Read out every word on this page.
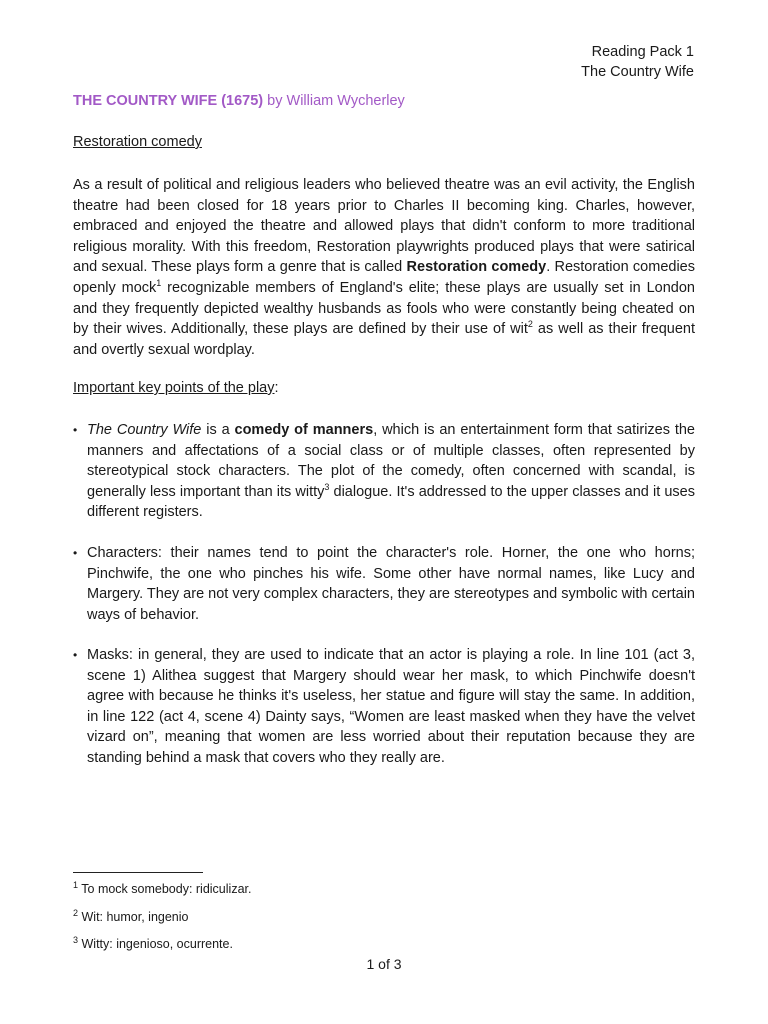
Reading Pack 1
The Country Wife
THE COUNTRY WIFE (1675) by William Wycherley
Restoration comedy
As a result of political and religious leaders who believed theatre was an evil activity, the English theatre had been closed for 18 years prior to Charles II becoming king. Charles, however, embraced and enjoyed the theatre and allowed plays that didn't conform to more traditional religious morality. With this freedom, Restoration playwrights produced plays that were satirical and sexual. These plays form a genre that is called Restoration comedy. Restoration comedies openly mock$^1$ recognizable members of England's elite; these plays are usually set in London and they frequently depicted wealthy husbands as fools who were constantly being cheated on by their wives. Additionally, these plays are defined by their use of wit$^2$ as well as their frequent and overtly sexual wordplay.
Important key points of the play:
• The Country Wife is a comedy of manners, which is an entertainment form that satirizes the manners and affectations of a social class or of multiple classes, often represented by stereotypical stock characters. The plot of the comedy, often concerned with scandal, is generally less important than its witty$^3$ dialogue. It's addressed to the upper classes and it uses different registers.
• Characters: their names tend to point the character's role. Horner, the one who horns; Pinchwife, the one who pinches his wife. Some other have normal names, like Lucy and Margery. They are not very complex characters, they are stereotypes and symbolic with certain ways of behavior.
• Masks: in general, they are used to indicate that an actor is playing a role. In line 101 (act 3, scene 1) Alithea suggest that Margery should wear her mask, to which Pinchwife doesn't agree with because he thinks it's useless, her statue and figure will stay the same. In addition, in line 122 (act 4, scene 4) Dainty says, “Women are least masked when they have the velvet vizard on”, meaning that women are less worried about their reputation because they are standing behind a mask that covers who they really are.
$^1$ To mock somebody: ridiculizar.
$^2$ Wit: humor, ingenio
$^3$ Witty: ingenioso, ocurrente.
1 of 3
